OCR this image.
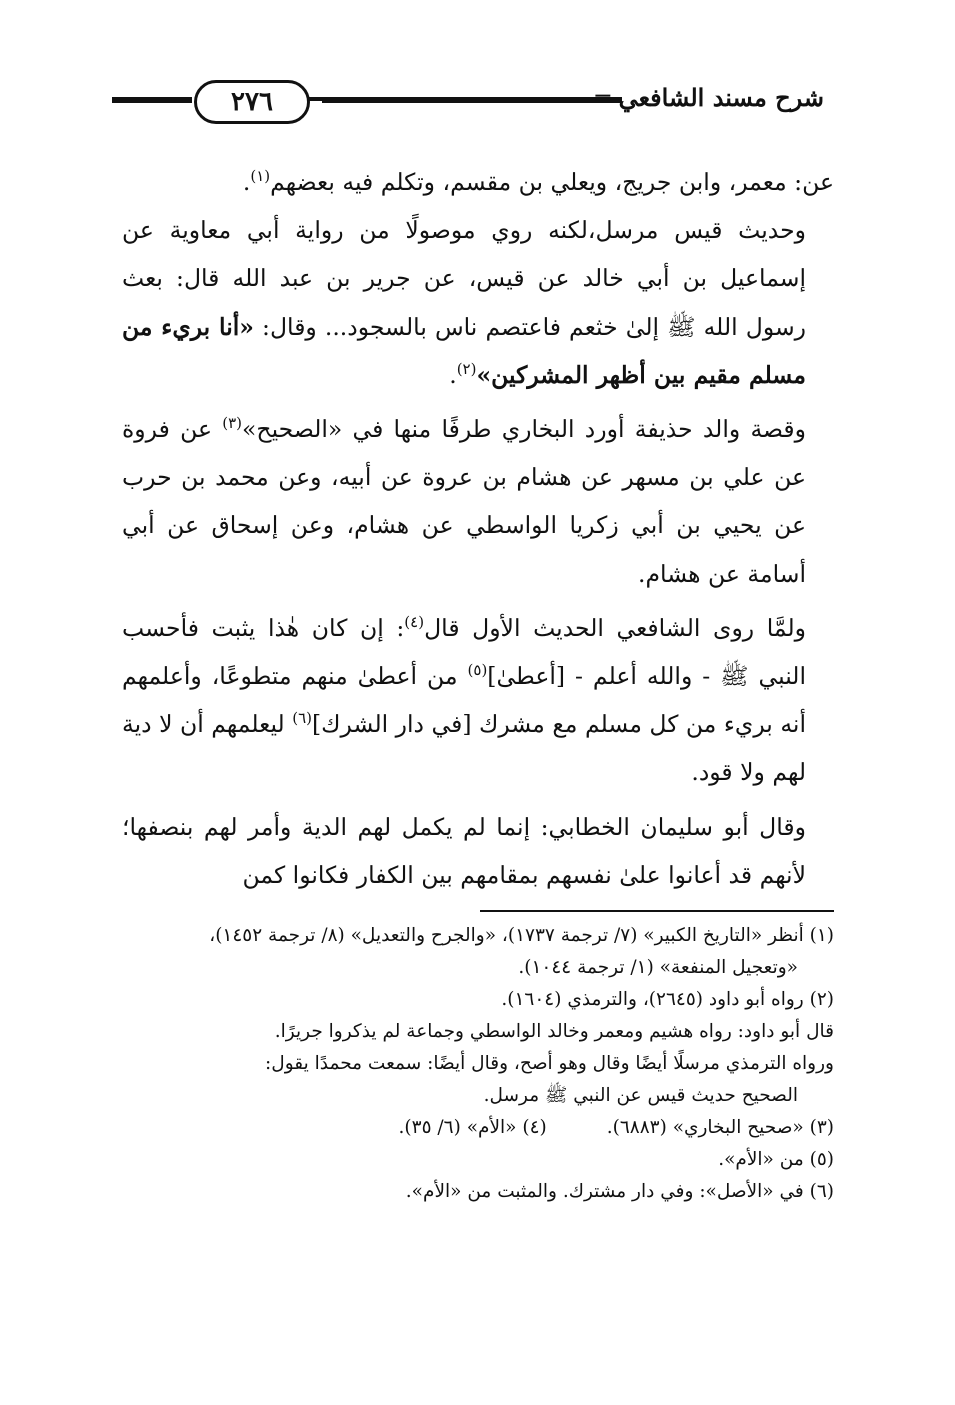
٢٧٦	شرح مسند الشافعي ═

عن: معمر، وابن جريج، ويعلي بن مقسم، وتكلم فيه بعضهم$^{(١)}$.

وحديث قيس مرسل،لكنه روي موصولًا من رواية أبي معاوية عن إسماعيل بن أبي خالد عن قيس، عن جرير بن عبد الله قال: بعث رسول الله ﷺ إلىٰ خثعم فاعتصم ناس بالسجود... وقال: «أنا بريء من مسلم مقيم بين أظهر المشركين»$^{(٢)}$.

وقصة والد حذيفة أورد البخاري طرفًا منها في «الصحيح»$^{(٣)}$ عن فروة عن علي بن مسهر عن هشام بن عروة عن أبيه، وعن محمد بن حرب عن يحيي بن أبي زكريا الواسطي عن هشام، وعن إسحاق عن أبي أسامة عن هشام.

ولمَّا روى الشافعي الحديث الأول قال$^{(٤)}$: إن كان هٰذا يثبت فأحسب النبي ﷺ - والله أعلم - [أعطىٰ]$^{(٥)}$ من أعطىٰ منهم متطوعًا، وأعلمهم أنه بريء من كل مسلم مع مشرك [في دار الشرك]$^{(٦)}$ ليعلمهم أن لا دية لهم ولا قود.

وقال أبو سليمان الخطابي: إنما لم يكمل لهم الدية وأمر لهم بنصفها؛ لأنهم قد أعانوا علىٰ نفسهم بمقامهم بين الكفار فكانوا كمن

(١) أنظر «التاريخ الكبير» (٧/ ترجمة ١٧٣٧)، «والجرح والتعديل» (٨/ ترجمة ١٤٥٢)،

«وتعجيل المنفعة» (١/ ترجمة ١٠٤٤).

(٢) رواه أبو داود (٢٦٤٥)، والترمذي (١٦٠٤).

قال أبو داود: رواه هشيم ومعمر وخالد الواسطي وجماعة لم يذكروا جريرًا.

ورواه الترمذي مرسلًا أيضًا وقال وهو أصح، وقال أيضًا: سمعت محمدًا يقول:

الصحيح حديث قيس عن النبي ﷺ مرسل.

(٣) «صحيح البخاري» (٦٨٨٣).

(٤) «الأم» (٦/ ٣٥).

(٥) من «الأم».

(٦) في «الأصل»: وفي دار مشترك. والمثبت من «الأم».
